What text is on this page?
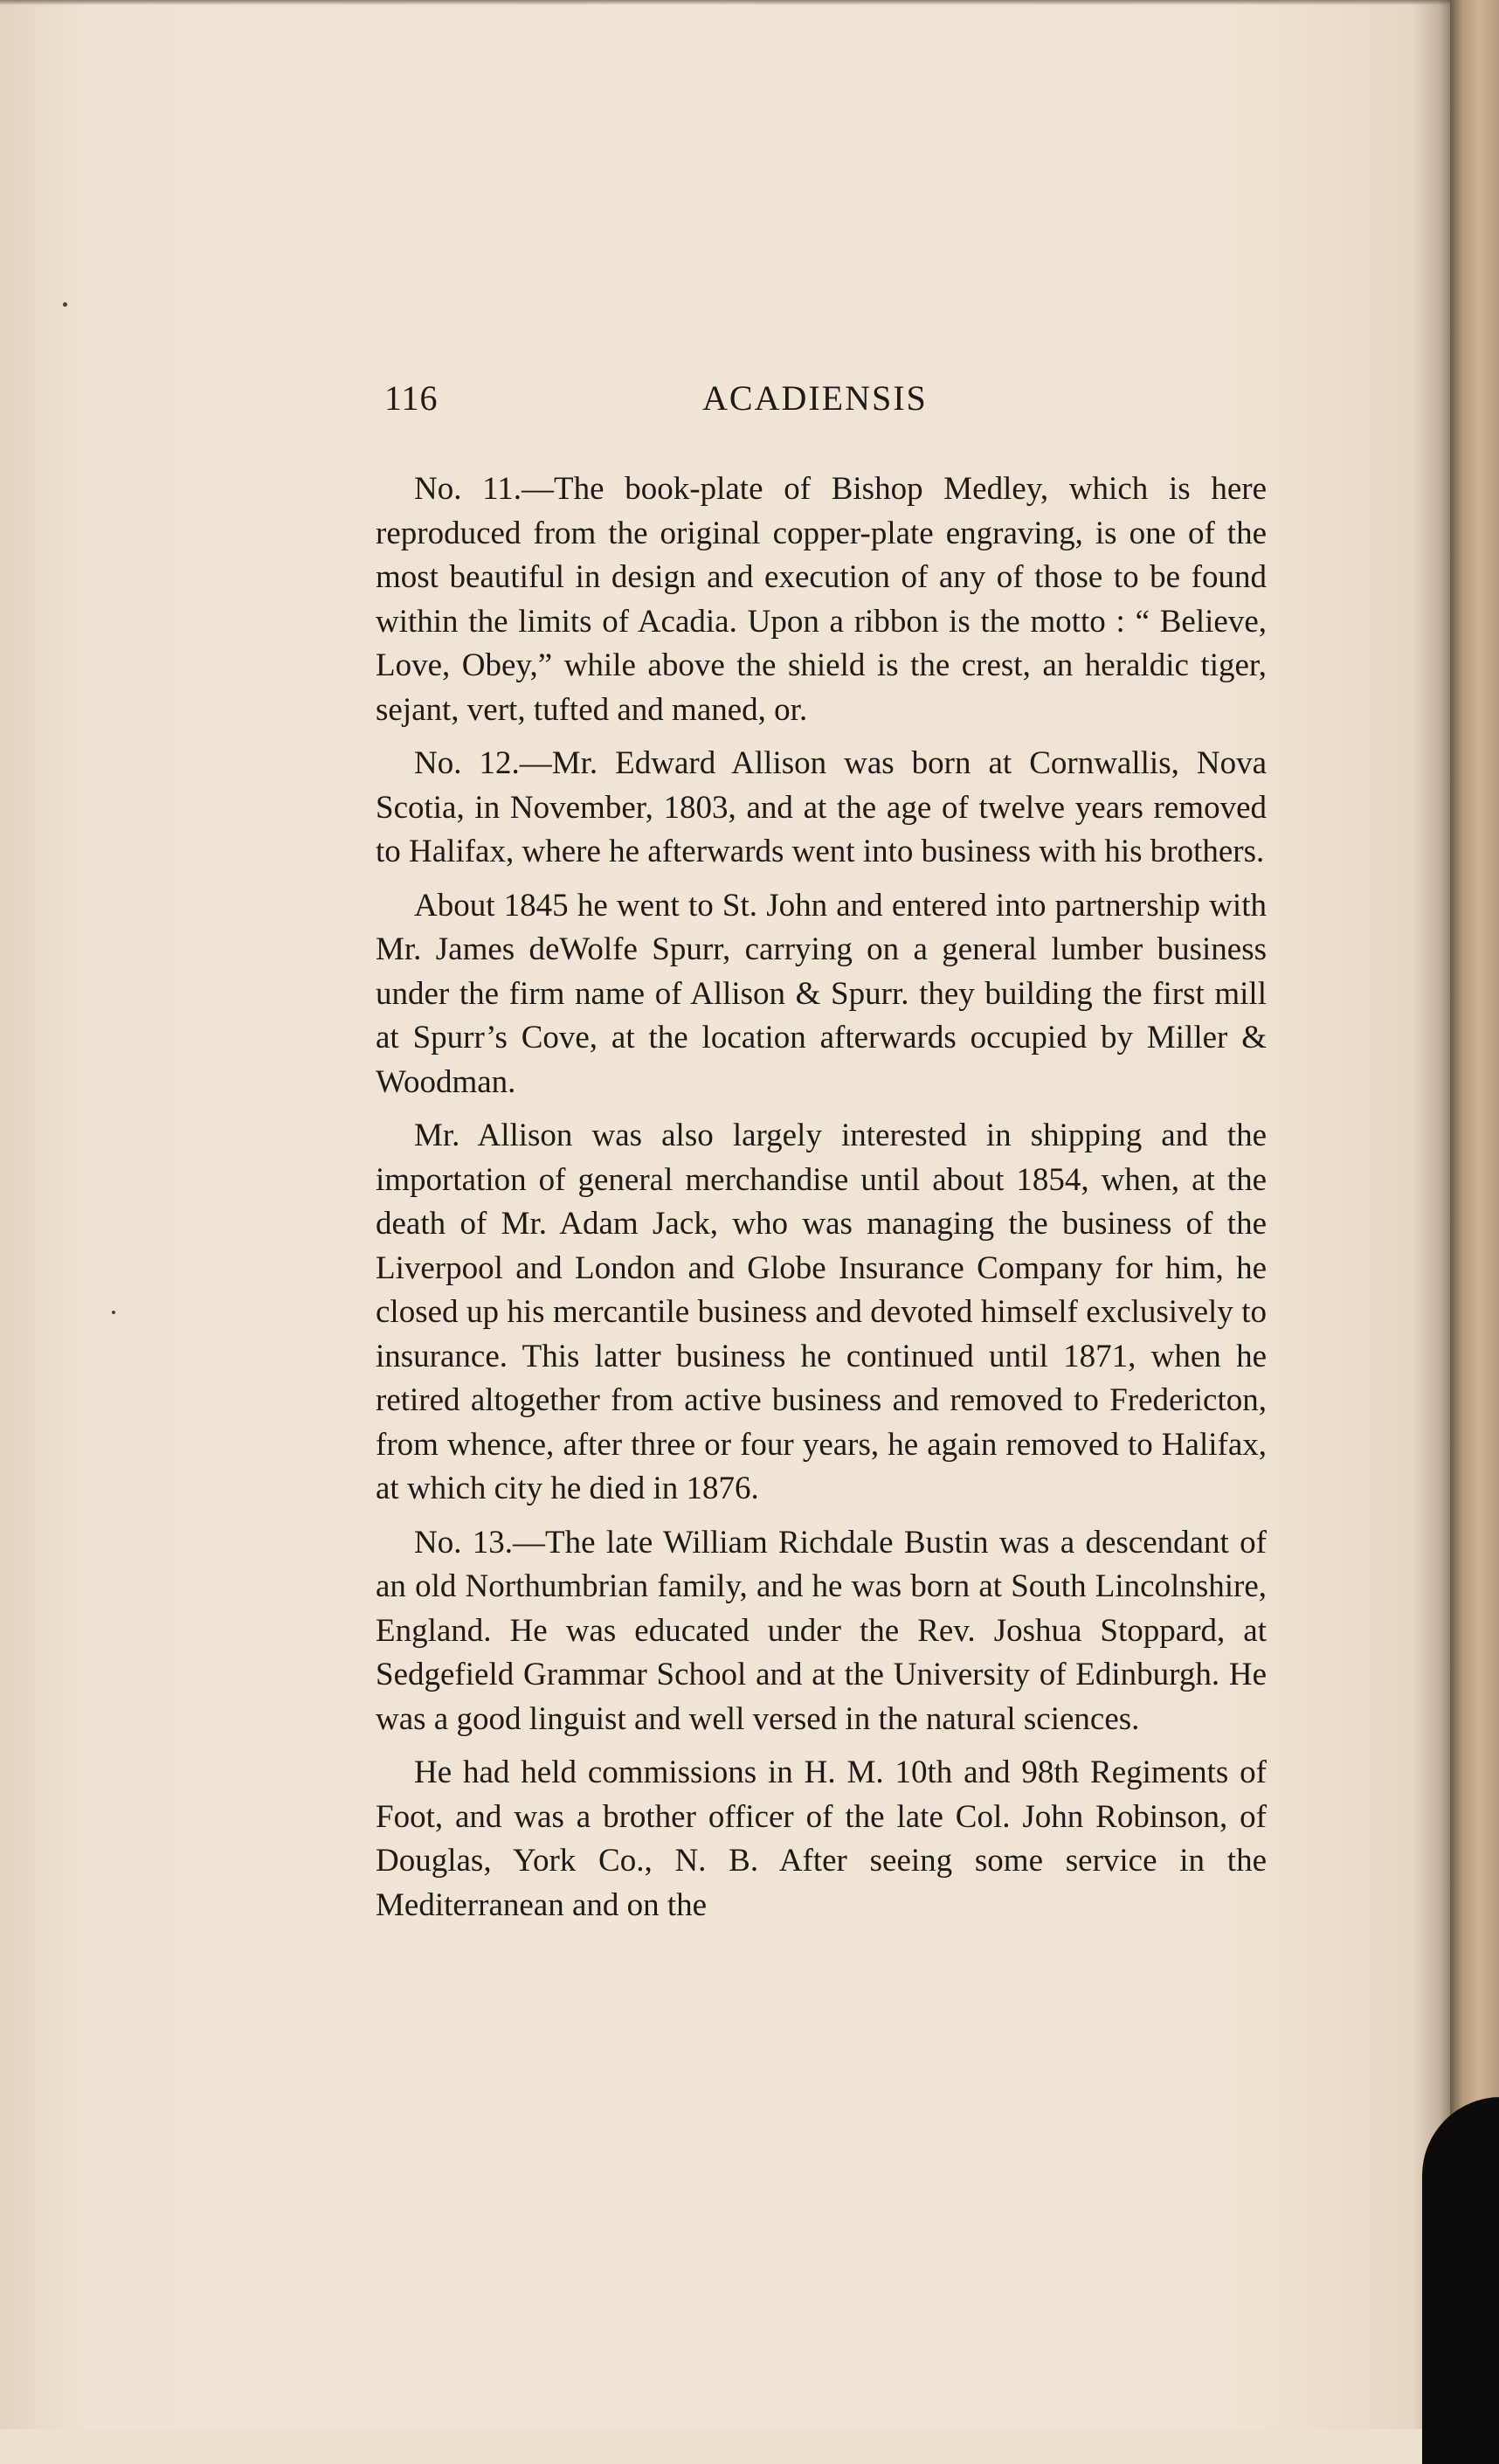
116	ACADIENSIS

No. 11.—The book-plate of Bishop Medley, which is here reproduced from the original copper-plate engraving, is one of the most beautiful in design and execution of any of those to be found within the limits of Acadia. Upon a ribbon is the motto : “ Believe, Love, Obey,” while above the shield is the crest, an heraldic tiger, sejant, vert, tufted and maned, or.

No. 12.—Mr. Edward Allison was born at Cornwallis, Nova Scotia, in November, 1803, and at the age of twelve years removed to Halifax, where he afterwards went into business with his brothers.

About 1845 he went to St. John and entered into partnership with Mr. James deWolfe Spurr, carrying on a general lumber business under the firm name of Allison & Spurr. they building the first mill at Spurr’s Cove, at the location afterwards occupied by Miller & Woodman.

Mr. Allison was also largely interested in shipping and the importation of general merchandise until about 1854, when, at the death of Mr. Adam Jack, who was managing the business of the Liverpool and London and Globe Insurance Company for him, he closed up his mercantile business and devoted himself exclusively to insurance. This latter business he continued until 1871, when he retired altogether from active business and removed to Fredericton, from whence, after three or four years, he again removed to Halifax, at which city he died in 1876.

No. 13.—The late William Richdale Bustin was a descendant of an old Northumbrian family, and he was born at South Lincolnshire, England. He was educated under the Rev. Joshua Stoppard, at Sedgefield Grammar School and at the University of Edinburgh. He was a good linguist and well versed in the natural sciences.

He had held commissions in H. M. 10th and 98th Regiments of Foot, and was a brother officer of the late Col. John Robinson, of Douglas, York Co., N. B. After seeing some service in the Mediterranean and on the
